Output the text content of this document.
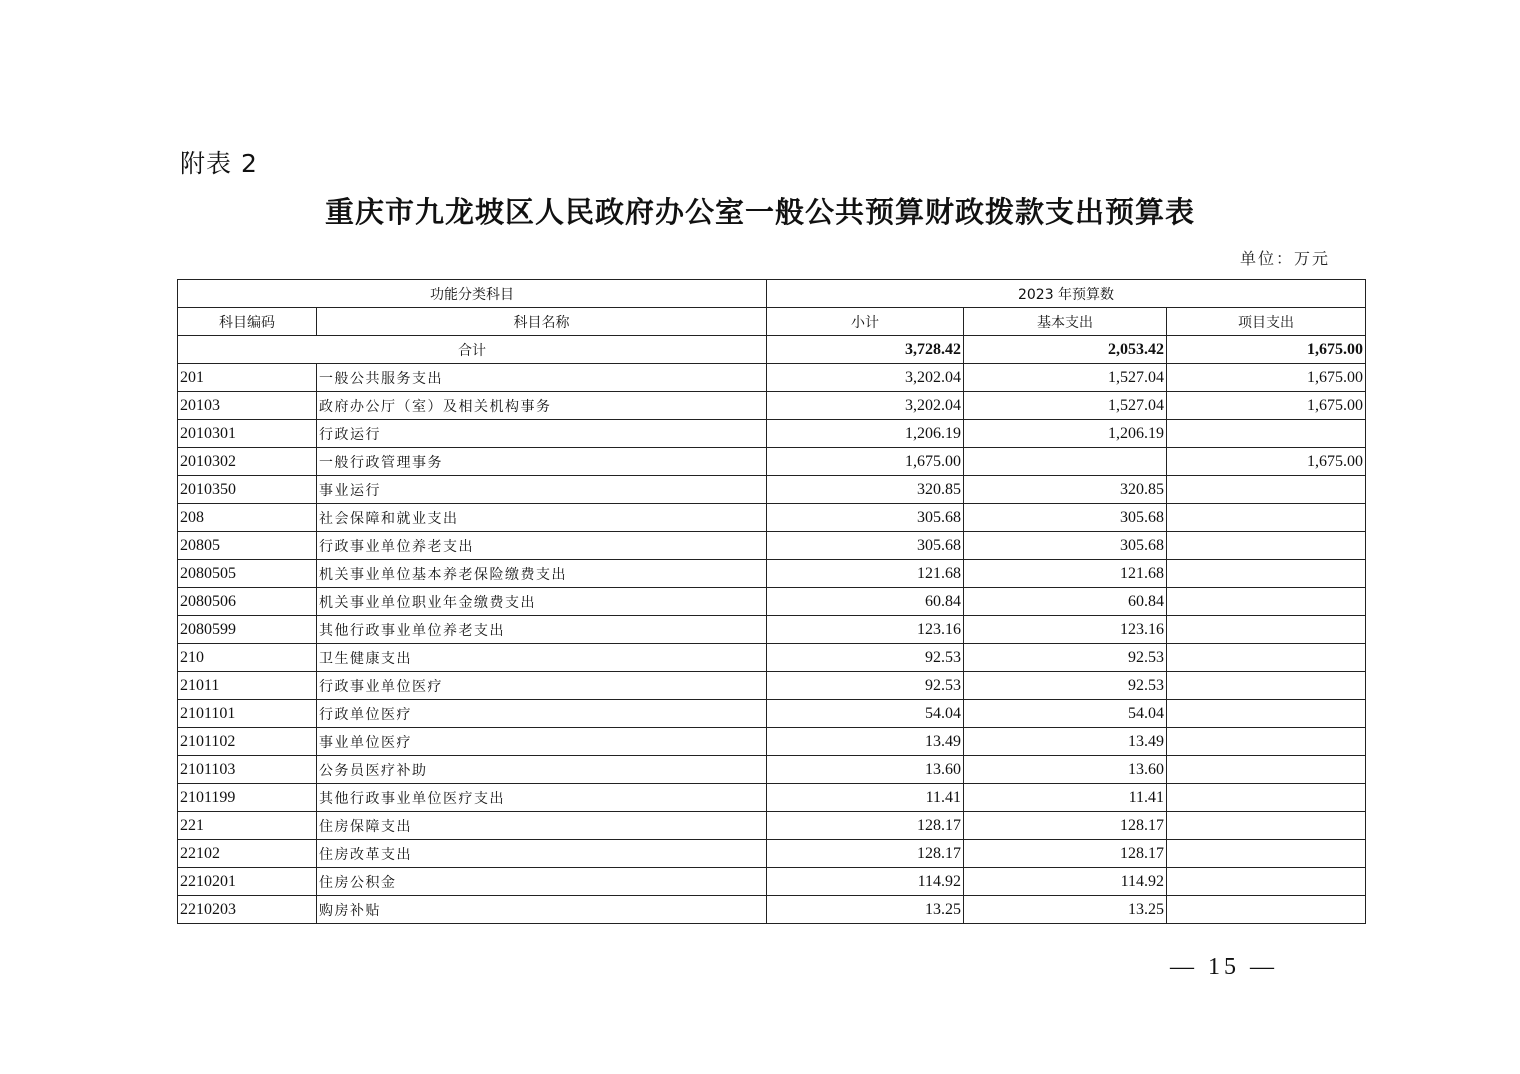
附表 2
重庆市九龙坡区人民政府办公室一般公共预算财政拨款支出预算表
单位：万元
功能分类科目		2023 年预算数		
科目编码	科目名称	小计	基本支出	项目支出
合计		3,728.42	2,053.42	1,675.00
201	一般公共服务支出	3,202.04	1,527.04	1,675.00
20103	政府办公厅（室）及相关机构事务	3,202.04	1,527.04	1,675.00
2010301	行政运行	1,206.19	1,206.19	
2010302	一般行政管理事务	1,675.00		1,675.00
2010350	事业运行	320.85	320.85	
208	社会保障和就业支出	305.68	305.68	
20805	行政事业单位养老支出	305.68	305.68	
2080505	机关事业单位基本养老保险缴费支出	121.68	121.68	
2080506	机关事业单位职业年金缴费支出	60.84	60.84	
2080599	其他行政事业单位养老支出	123.16	123.16	
210	卫生健康支出	92.53	92.53	
21011	行政事业单位医疗	92.53	92.53	
2101101	行政单位医疗	54.04	54.04	
2101102	事业单位医疗	13.49	13.49	
2101103	公务员医疗补助	13.60	13.60	
2101199	其他行政事业单位医疗支出	11.41	11.41	
221	住房保障支出	128.17	128.17	
22102	住房改革支出	128.17	128.17	
2210201	住房公积金	114.92	114.92	
2210203	购房补贴	13.25	13.25	
— 15 —
